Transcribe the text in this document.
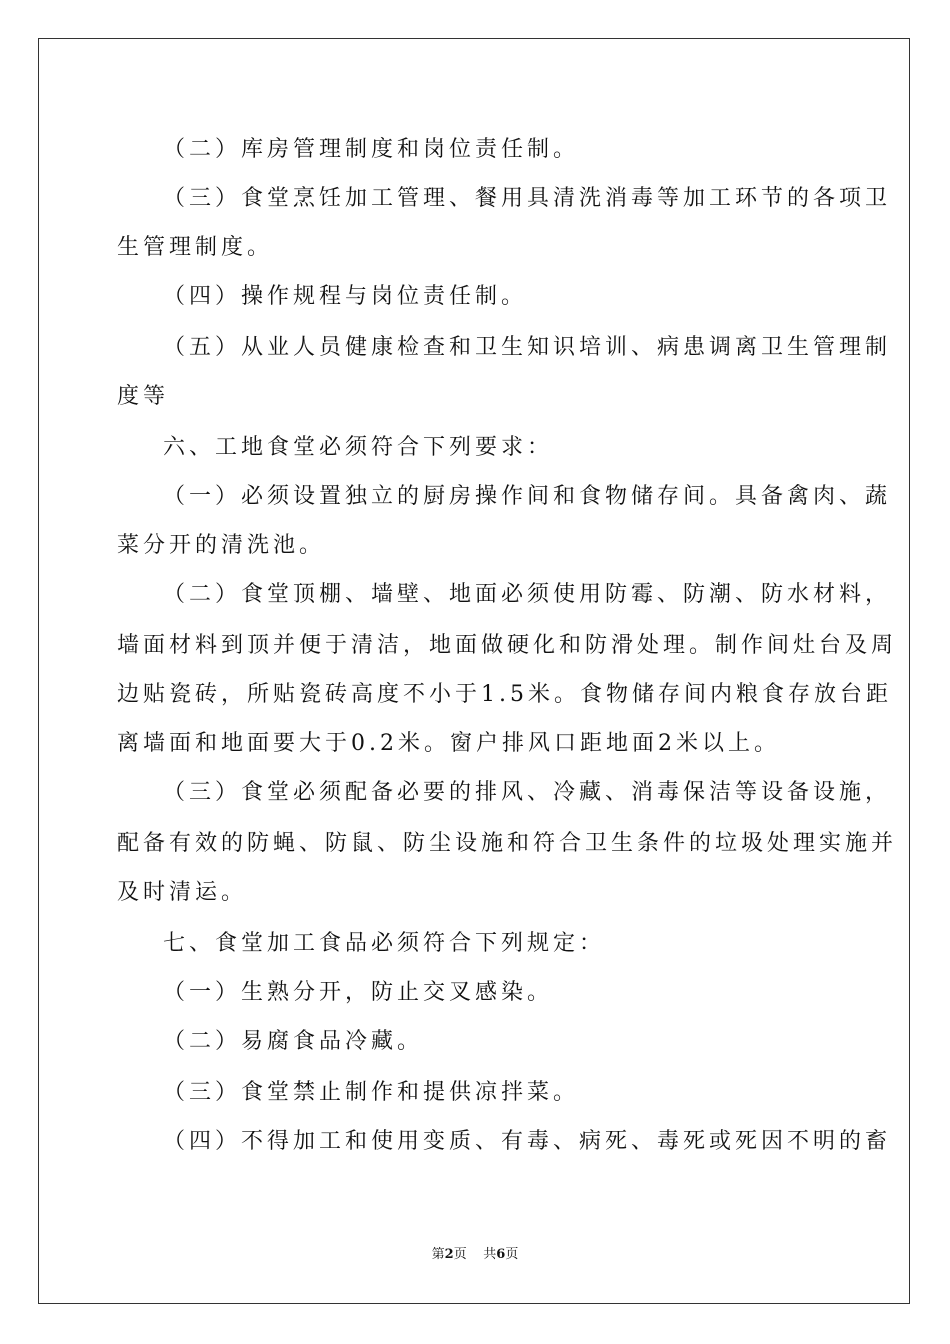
（二）库房管理制度和岗位责任制。
（三）食堂烹饪加工管理、餐用具清洗消毒等加工环节的各项卫
生管理制度。
（四）操作规程与岗位责任制。
（五）从业人员健康检查和卫生知识培训、病患调离卫生管理制
度等
六、工地食堂必须符合下列要求：
（一）必须设置独立的厨房操作间和食物储存间。具备禽肉、蔬
菜分开的清洗池。
（二）食堂顶棚、墙壁、地面必须使用防霉、防潮、防水材料，
墙面材料到顶并便于清洁，地面做硬化和防滑处理。制作间灶台及周
边贴瓷砖，所贴瓷砖高度不小于1.5米。食物储存间内粮食存放台距
离墙面和地面要大于0.2米。窗户排风口距地面2米以上。
（三）食堂必须配备必要的排风、冷藏、消毒保洁等设备设施，
配备有效的防蝇、防鼠、防尘设施和符合卫生条件的垃圾处理实施并
及时清运。
七、食堂加工食品必须符合下列规定：
（一）生熟分开，防止交叉感染。
（二）易腐食品冷藏。
（三）食堂禁止制作和提供凉拌菜。
（四）不得加工和使用变质、有毒、病死、毒死或死因不明的畜
第2页 共6页
